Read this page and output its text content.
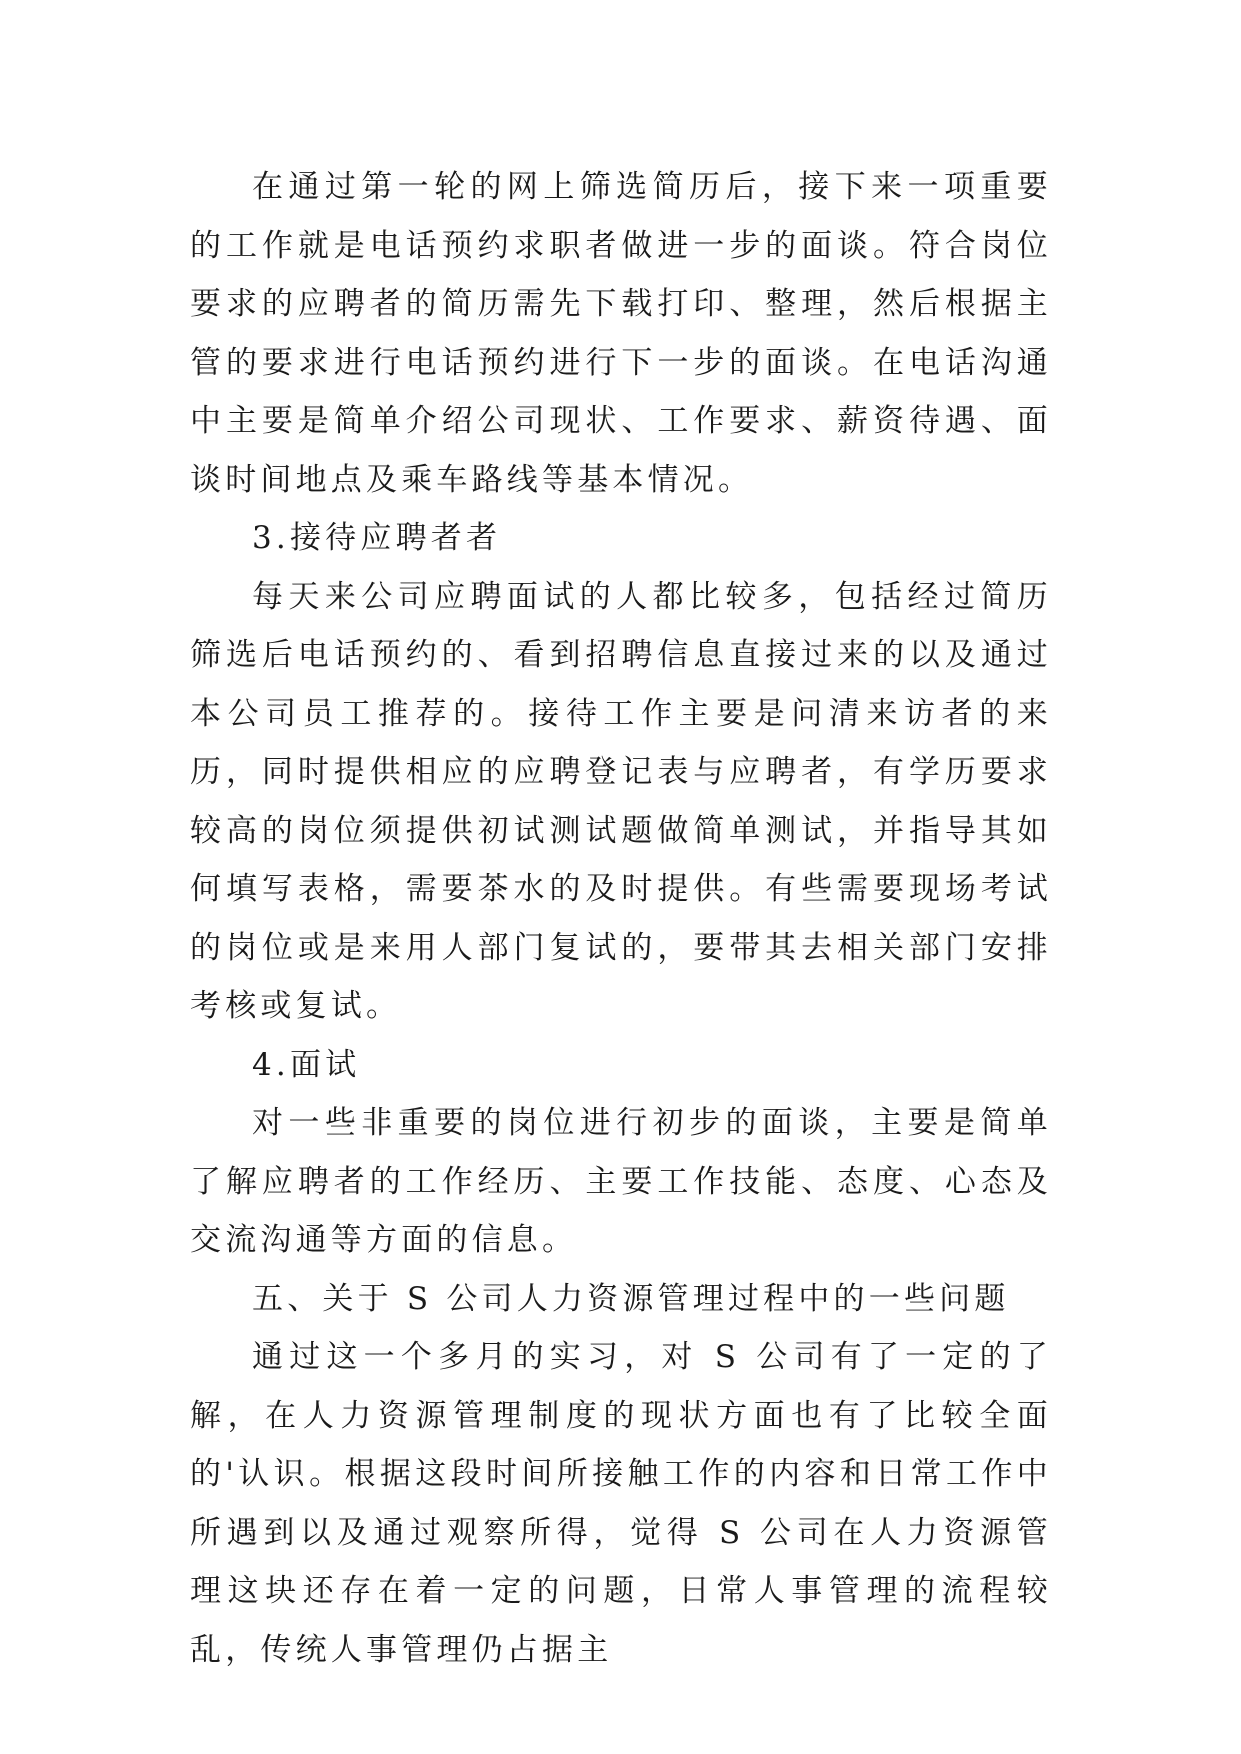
在通过第一轮的网上筛选简历后，接下来一项重要的工作就是电话预约求职者做进一步的面谈。符合岗位要求的应聘者的简历需先下载打印、整理，然后根据主管的要求进行电话预约进行下一步的面谈。在电话沟通中主要是简单介绍公司现状、工作要求、薪资待遇、面谈时间地点及乘车路线等基本情况。

3.接待应聘者者

每天来公司应聘面试的人都比较多，包括经过简历筛选后电话预约的、看到招聘信息直接过来的以及通过本公司员工推荐的。接待工作主要是问清来访者的来历，同时提供相应的应聘登记表与应聘者，有学历要求较高的岗位须提供初试测试题做简单测试，并指导其如何填写表格，需要茶水的及时提供。有些需要现场考试的岗位或是来用人部门复试的，要带其去相关部门安排考核或复试。

4.面试

对一些非重要的岗位进行初步的面谈，主要是简单了解应聘者的工作经历、主要工作技能、态度、心态及交流沟通等方面的信息。

五、关于 S 公司人力资源管理过程中的一些问题

通过这一个多月的实习，对 S 公司有了一定的了解，在人力资源管理制度的现状方面也有了比较全面的'认识。根据这段时间所接触工作的内容和日常工作中所遇到以及通过观察所得，觉得 S 公司在人力资源管理这块还存在着一定的问题，日常人事管理的流程较乱，传统人事管理仍占据主
